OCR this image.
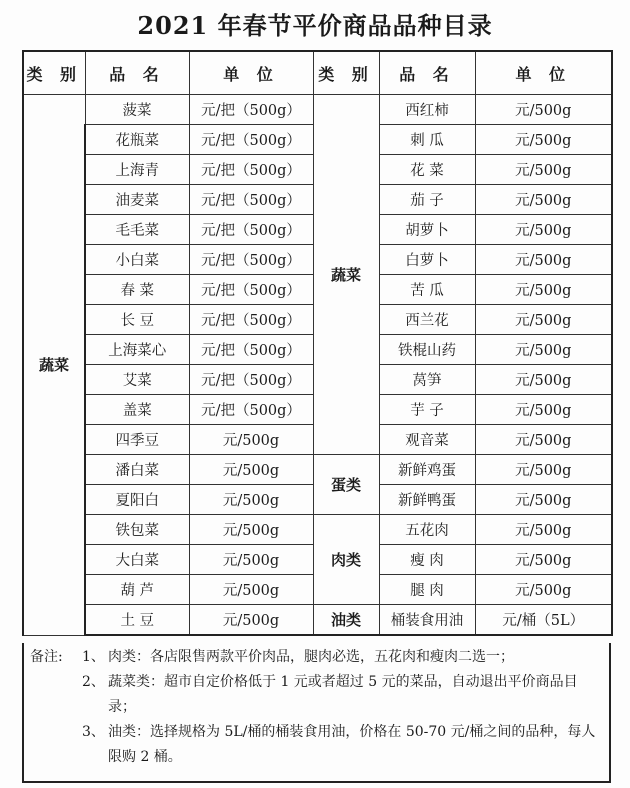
2021 年春节平价商品品种目录
类 别	品 名	单 位	类 别	品 名	单 位
蔬菜	菠菜	元/把（500g）	蔬菜	西红柿	元/500g
	花瓶菜	元/把（500g）		刺 瓜	元/500g
	上海青	元/把（500g）		花 菜	元/500g
	油麦菜	元/把（500g）		茄 子	元/500g
	毛毛菜	元/把（500g）		胡萝卜	元/500g
	小白菜	元/把（500g）		白萝卜	元/500g
	春 菜	元/把（500g）		苦 瓜	元/500g
	长 豆	元/把（500g）		西兰花	元/500g
	上海菜心	元/把（500g）		铁棍山药	元/500g
	艾菜	元/把（500g）		莴笋	元/500g
	盖菜	元/把（500g）		芋 子	元/500g
	四季豆	元/500g		观音菜	元/500g
	潘白菜	元/500g	蛋类	新鲜鸡蛋	元/500g
	夏阳白	元/500g		新鲜鸭蛋	元/500g
	铁包菜	元/500g	肉类	五花肉	元/500g
	大白菜	元/500g		瘦 肉	元/500g
	葫 芦	元/500g		腿 肉	元/500g
	土 豆	元/500g	油类	桶装食用油	元/桶（5L）
备注:	1、 肉类：各店限售两款平价肉品，腿肉必选，五花肉和瘦肉二选一；
2、 蔬菜类：超市自定价格低于 1 元或者超过 5 元的菜品，自动退出平价商品目录；
3、 油类：选择规格为 5L/桶的桶装食用油，价格在 50-70 元/桶之间的品种，每人限购 2 桶。
